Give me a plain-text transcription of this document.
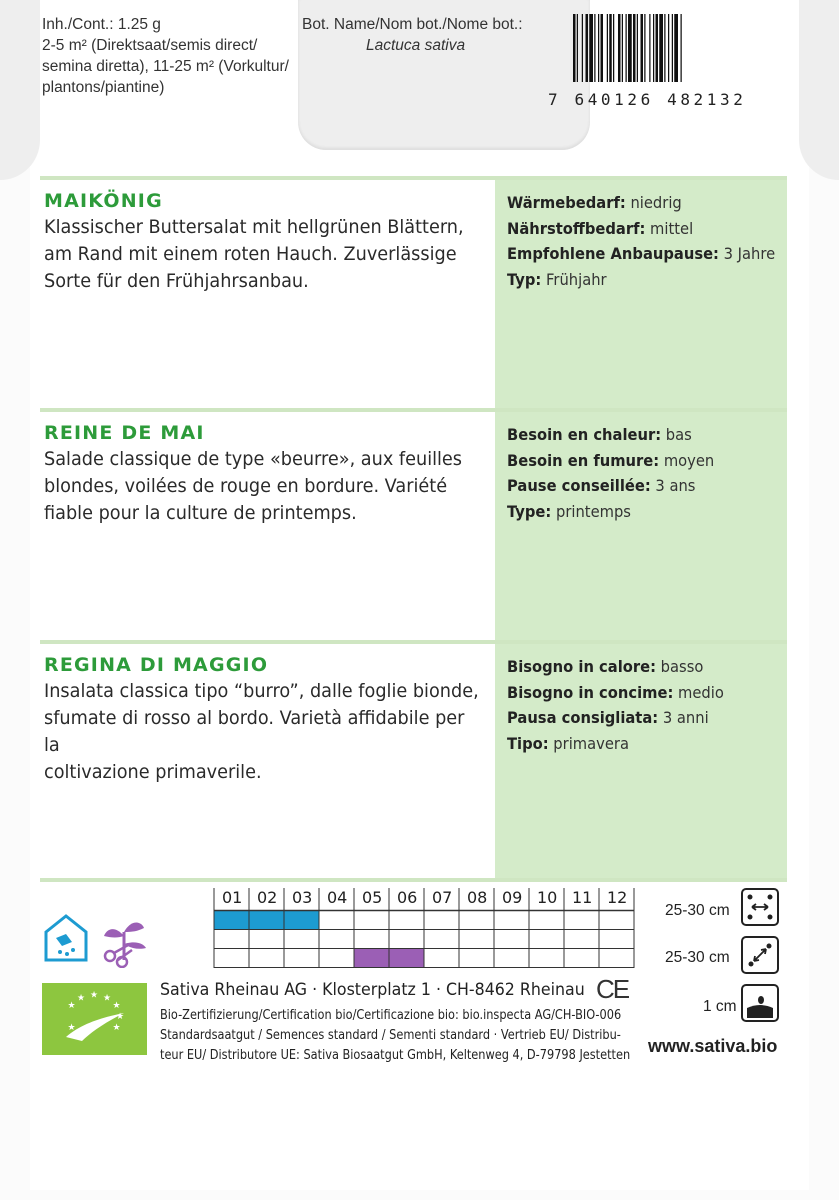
Inh./Cont.: 1.25 g
2-5 m² (Direktsaat/semis direct/
semina diretta), 11-25 m² (Vorkultur/
plantons/piantine)
Bot. Name/Nom bot./Nome bot.:
Lactuca sativa
7 640126 482132
Wärmebedarf: niedrig
Nährstoffbedarf: mittel
Empfohlene Anbaupause: 3 Jahre
Typ: Frühjahr
MAIKÖNIG
Klassischer Buttersalat mit hellgrünen Blättern,
am Rand mit einem roten Hauch. Zuverlässige
Sorte für den Frühjahrsanbau.
Besoin en chaleur: bas
Besoin en fumure: moyen
Pause conseillée: 3 ans
Type: printemps
REINE DE MAI
Salade classique de type «beurre», aux feuilles
blondes, voilées de rouge en bordure. Variété
fiable pour la culture de printemps.
Bisogno in calore: basso
Bisogno in concime: medio
Pausa consigliata: 3 anni
Tipo: primavera
REGINA DI MAGGIO
Insalata classica tipo “burro”, dalle foglie bionde,
sfumate di rosso al bordo. Varietà affidabile per la
coltivazione primaverile.
01 02 03 04 05 06 07 08 09 10 11 12
25-30 cm
25-30 cm
1 cm
★
★
★
★
★ ★ ★
★
Sativa Rheinau AG · Klosterplatz 1 · CH-8462 Rheinau CE
Bio-Zertifizierung/Certification bio/Certificazione bio: bio.inspecta AG/CH-BIO-006
Standardsaatgut / Semences standard / Sementi standard · Vertrieb EU/ Distribu-
teur EU/ Distributore UE: Sativa Biosaatgut GmbH, Keltenweg 4, D-79798 Jestetten www.sativa.bio
